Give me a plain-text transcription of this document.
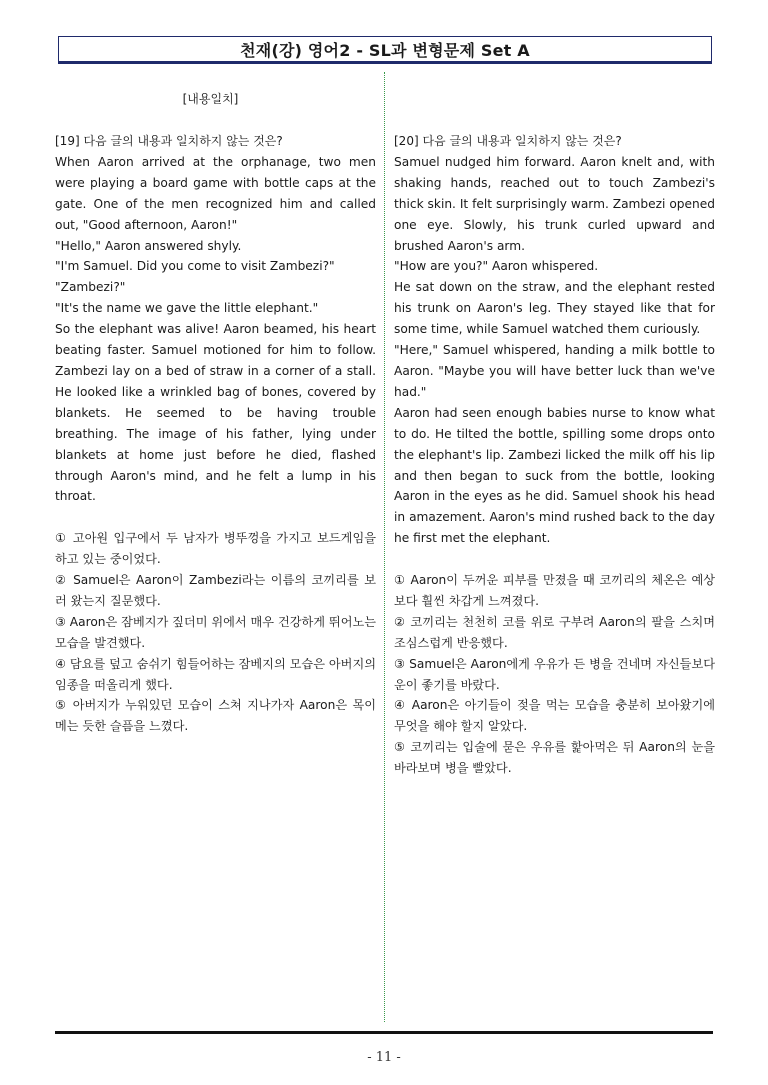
천재(강) 영어2 - SL과 변형문제 Set A
[내용일치]

[19] 다음 글의 내용과 일치하지 않는 것은?

When Aaron arrived at the orphanage, two men were playing a board game with bottle caps at the gate. One of the men recognized him and called out, "Good afternoon, Aaron!"

"Hello," Aaron answered shyly.

"I'm Samuel. Did you come to visit Zambezi?"

"Zambezi?"

"It's the name we gave the little elephant."

So the elephant was alive! Aaron beamed, his heart beating faster. Samuel motioned for him to follow. Zambezi lay on a bed of straw in a corner of a stall. He looked like a wrinkled bag of bones, covered by blankets. He seemed to be having trouble breathing. The image of his father, lying under blankets at home just before he died, flashed through Aaron's mind, and he felt a lump in his throat.

① 고아원 입구에서 두 남자가 병뚜껑을 가지고 보드게임을 하고 있는 중이었다.

② Samuel은 Aaron이 Zambezi라는 이름의 코끼리를 보러 왔는지 질문했다.

③ Aaron은 잠베지가 짚더미 위에서 매우 건강하게 뛰어노는 모습을 발견했다.

④ 담요를 덮고 숨쉬기 힘들어하는 잠베지의 모습은 아버지의 임종을 떠올리게 했다.

⑤ 아버지가 누워있던 모습이 스쳐 지나가자 Aaron은 목이 메는 듯한 슬픔을 느꼈다.

[20] 다음 글의 내용과 일치하지 않는 것은?

Samuel nudged him forward. Aaron knelt and, with shaking hands, reached out to touch Zambezi's thick skin. It felt surprisingly warm. Zambezi opened one eye. Slowly, his trunk curled upward and brushed Aaron's arm.

"How are you?" Aaron whispered.

He sat down on the straw, and the elephant rested his trunk on Aaron's leg. They stayed like that for some time, while Samuel watched them curiously.

"Here," Samuel whispered, handing a milk bottle to Aaron. "Maybe you will have better luck than we've had."

Aaron had seen enough babies nurse to know what to do. He tilted the bottle, spilling some drops onto the elephant's lip. Zambezi licked the milk off his lip and then began to suck from the bottle, looking Aaron in the eyes as he did. Samuel shook his head in amazement. Aaron's mind rushed back to the day he first met the elephant.

① Aaron이 두꺼운 피부를 만졌을 때 코끼리의 체온은 예상보다 훨씬 차갑게 느껴졌다.

② 코끼리는 천천히 코를 위로 구부려 Aaron의 팔을 스치며 조심스럽게 반응했다.

③ Samuel은 Aaron에게 우유가 든 병을 건네며 자신들보다 운이 좋기를 바랐다.

④ Aaron은 아기들이 젖을 먹는 모습을 충분히 보아왔기에 무엇을 해야 할지 알았다.

⑤ 코끼리는 입술에 묻은 우유를 핥아먹은 뒤 Aaron의 눈을 바라보며 병을 빨았다.

- 11 -
